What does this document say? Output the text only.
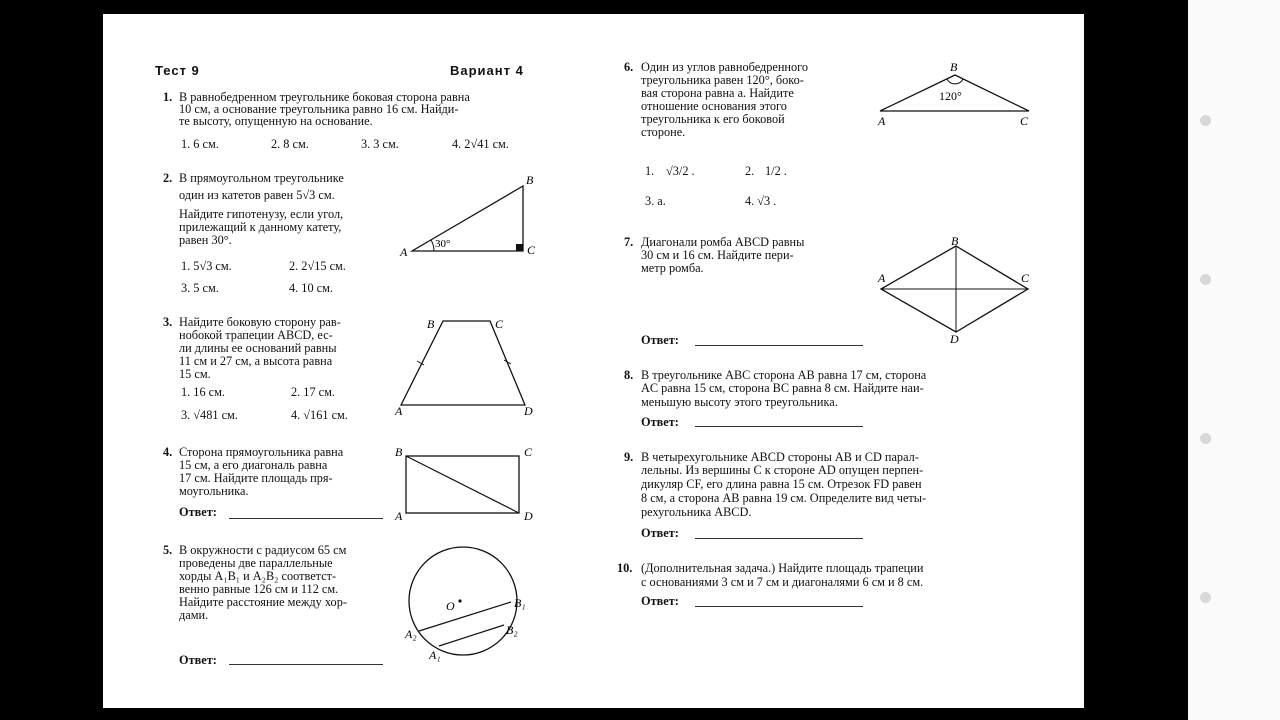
Тест 9	Вариант 4
1. В равнобедренном треугольнике боковая сторона равна
10 см, а основание треугольника равно 16 см. Найди-
те высоту, опущенную на основание.
1. 6 см.	2. 8 см.	3. 3 см.	4. 2√41 см.
2. В прямоугольном треугольнике
один из катетов равен 5√3 см.
Найдите гипотенузу, если угол,
прилежащий к данному катету,
равен 30°.
1. 5√3 см.	2. 2√15 см.
3. 5 см.	4. 10 см.
A
B
C
30°
3. Найдите боковую сторону рав-
нобокой трапеции ABCD, ес-
ли длины ее оснований равны
11 см и 27 см, а высота равна
15 см.
1. 16 см.	2. 17 см.
3. √481 см.	4. √161 см.	A
B	C
D
4. Сторона прямоугольника равна
15 см, а его диагональ равна
17 см. Найдите площадь пря-
моугольника.
Ответ:	A
B	C
D
5. В окружности с радиусом 65 см
проведены две параллельные
хорды A₁B₁ и A₂B₂ соответст-
венно равные 126 см и 112 см.
Найдите расстояние между хор-
дами.
Ответ:
O	B₁
B₂
A₂
A₁
6. Один из углов равнобедренного
треугольника равен 120°, боко-
вая сторона равна a. Найдите
отношение основания этого
треугольника к его боковой
стороне.
1. √3/2 .	2. 1/2 .
3. a.	4. √3 .
B
A	C
120°
7. Диагонали ромба ABCD равны
30 см и 16 см. Найдите пери-
метр ромба.
Ответ:
B
A	C
D
8. В треугольнике ABC сторона AB равна 17 см, сторона
AC равна 15 см, сторона BC равна 8 см. Найдите наи-
меньшую высоту этого треугольника.
Ответ:
9. В четырехугольнике ABCD стороны AB и CD парал-
лельны. Из вершины C к стороне AD опущен перпен-
дикуляр CF, его длина равна 15 см. Отрезок FD равен
8 см, а сторона AB равна 19 см. Определите вид четы-
рехугольника ABCD.
Ответ:
10. (Дополнительная задача.) Найдите площадь трапеции
с основаниями 3 см и 7 см и диагоналями 6 см и 8 см.
Ответ:
